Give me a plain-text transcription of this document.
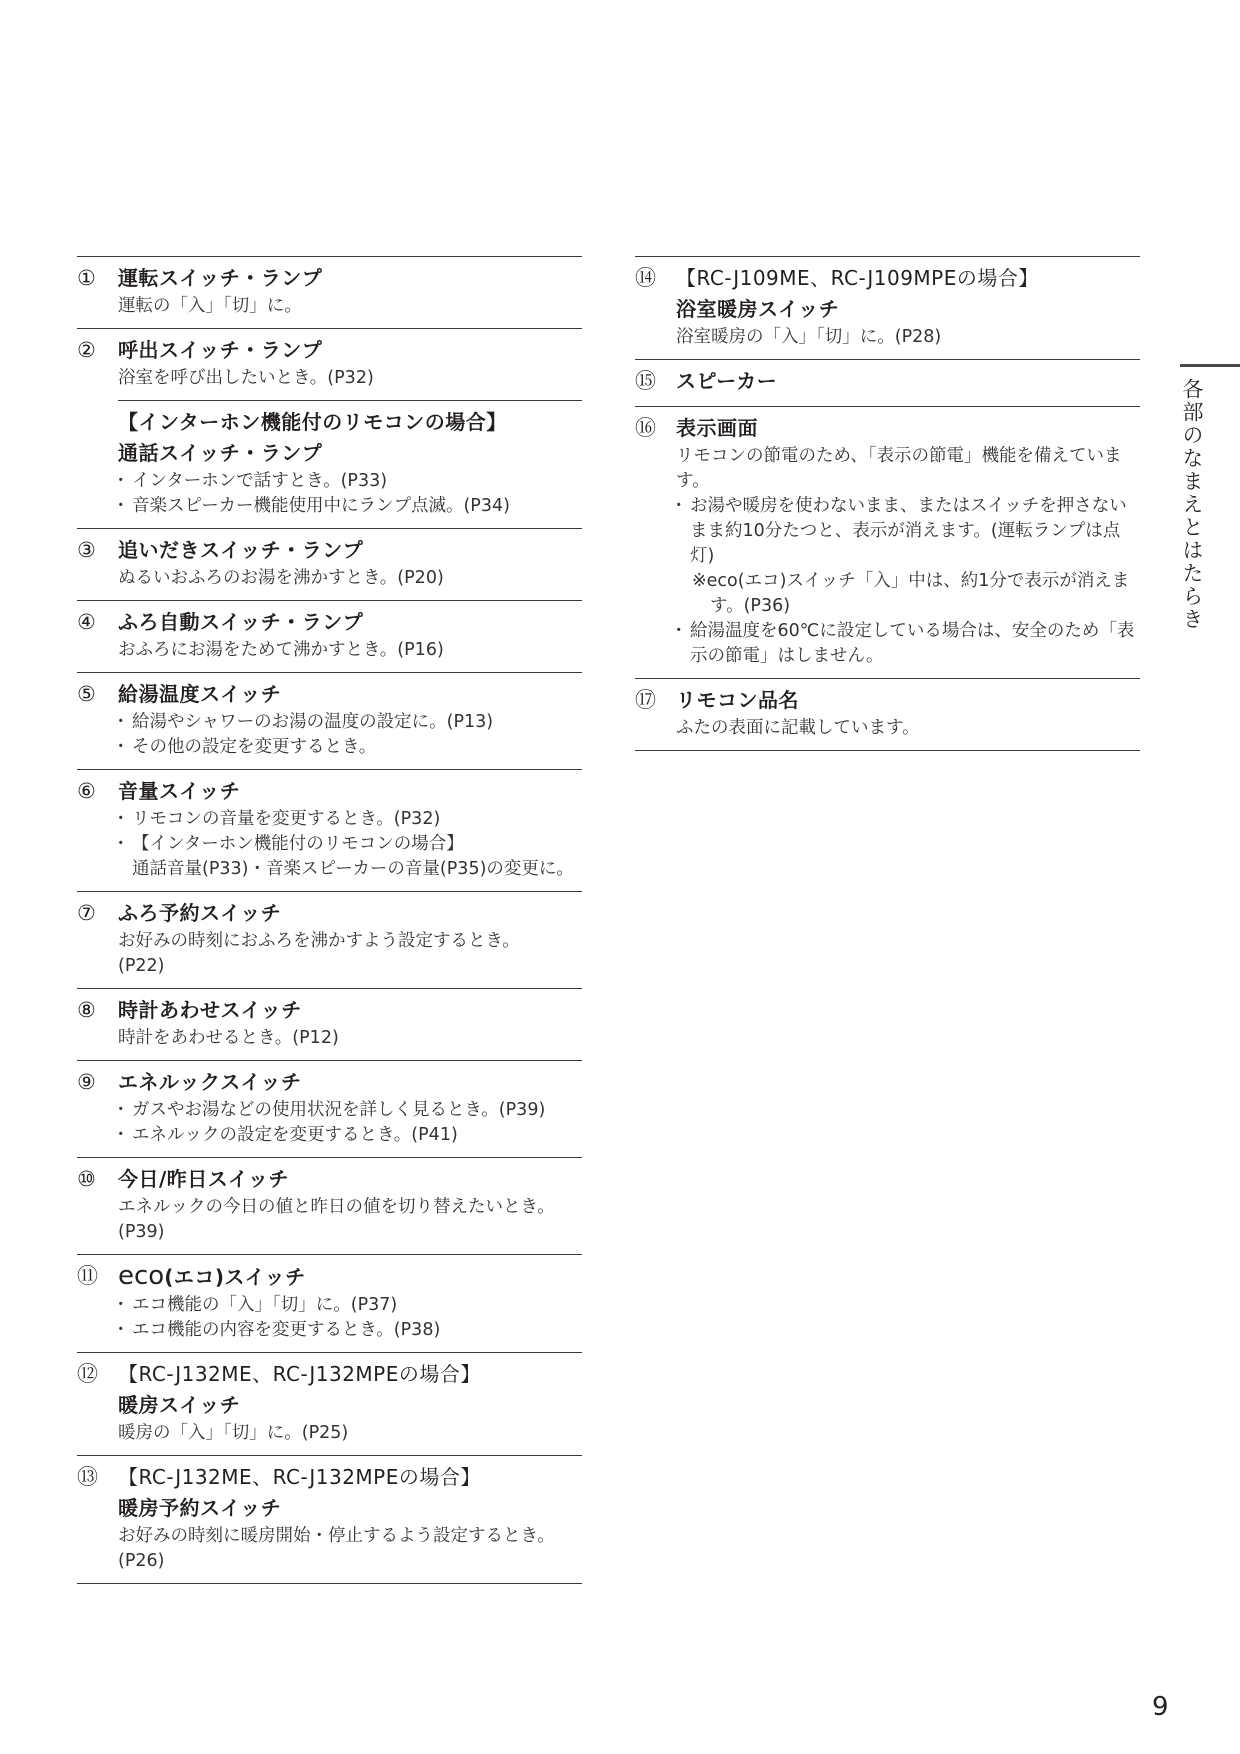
①	運転スイッチ・ランプ

運転の「入」「切」に。

②	呼出スイッチ・ランプ

浴室を呼び出したいとき。(P32)

【インターホン機能付のリモコンの場合】
通話スイッチ・ランプ

・ インターホンで話すとき。(P33)

・ 音楽スピーカー機能使用中にランプ点滅。(P34)

③	追いだきスイッチ・ランプ

ぬるいおふろのお湯を沸かすとき。(P20)

④	ふろ自動スイッチ・ランプ

おふろにお湯をためて沸かすとき。(P16)

⑤	給湯温度スイッチ

・ 給湯やシャワーのお湯の温度の設定に。(P13)

・ その他の設定を変更するとき。

⑥	音量スイッチ

・ リモコンの音量を変更するとき。(P32)

・ 【インターホン機能付のリモコンの場合】

通話音量(P33)・音楽スピーカーの音量(P35)の変更に。

⑦	ふろ予約スイッチ

お好みの時刻におふろを沸かすよう設定するとき。

(P22)

⑧	時計あわせスイッチ

時計をあわせるとき。(P12)

⑨	エネルックスイッチ

・ ガスやお湯などの使用状況を詳しく見るとき。(P39)

・ エネルックの設定を変更するとき。(P41)

⑩	今日/昨日スイッチ

エネルックの今日の値と昨日の値を切り替えたいとき。

(P39)

⑪ eco(エコ)スイッチ

・ エコ機能の「入」「切」に。(P37)

・ エコ機能の内容を変更するとき。(P38)

⑫	【RC-J132ME、RC-J132MPEの場合】
暖房スイッチ

暖房の「入」「切」に。(P25)

⑬	【RC-J132ME、RC-J132MPEの場合】
暖房予約スイッチ

お好みの時刻に暖房開始・停止するよう設定するとき。

(P26)

⑭	【RC-J109ME、RC-J109MPEの場合】
浴室暖房スイッチ

浴室暖房の「入」「切」に。(P28)

⑮	スピーカー
⑯	表示画面

リモコンの節電のため、「表示の節電」機能を備えています。

・ お湯や暖房を使わないまま、またはスイッチを押さないまま約10分たつと、表示が消えます。(運転ランプは点灯)

※eco(エコ)スイッチ「入」中は、約1分で表示が消えます。(P36)

・ 給湯温度を60℃に設定している場合は、安全のため「表示の節電」はしません。

⑰	リモコン品名

ふたの表面に記載しています。

各部のなまえとはたらき
9
